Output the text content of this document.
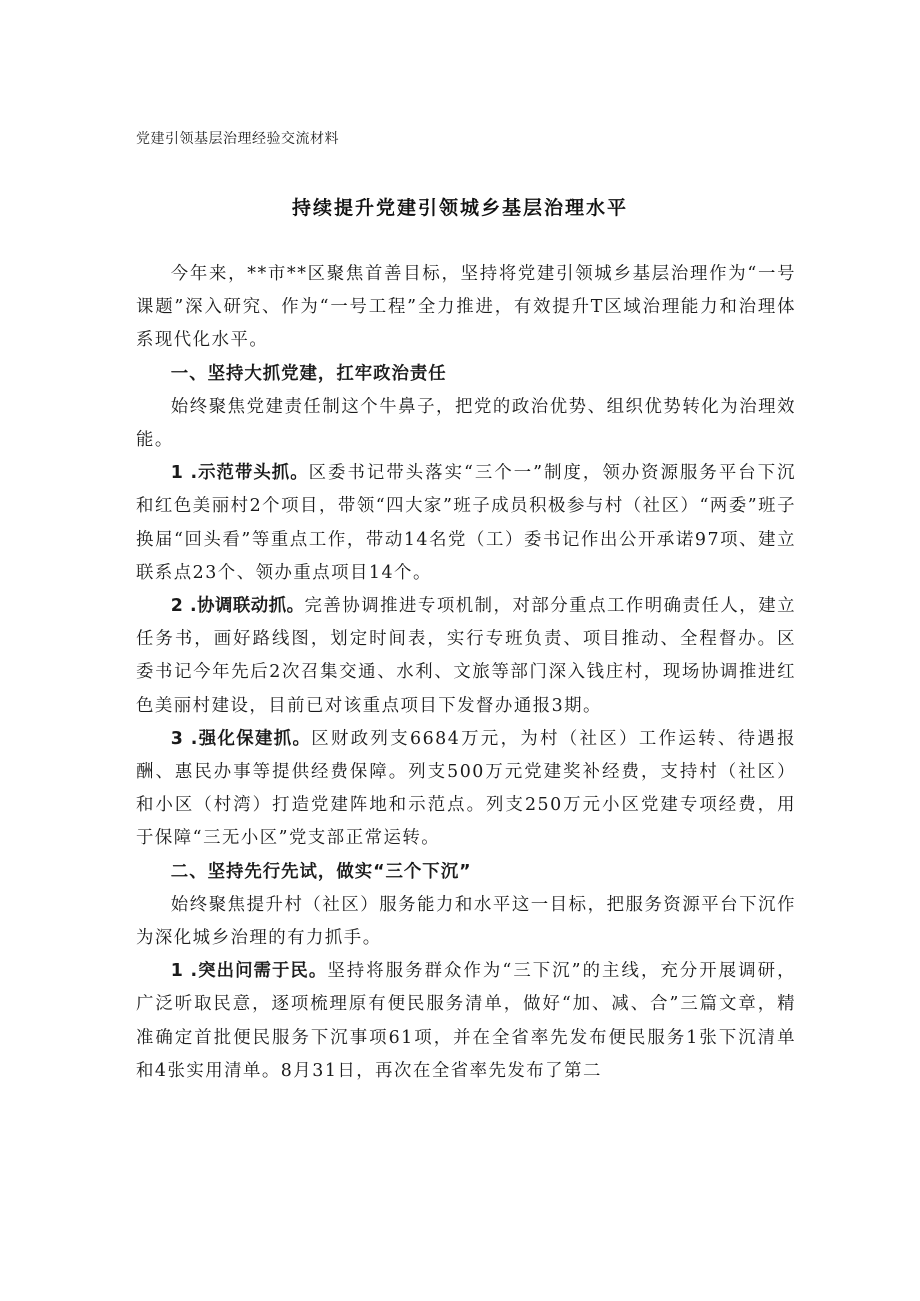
党建引领基层治理经验交流材料
持续提升党建引领城乡基层治理水平

今年来，**市**区聚焦首善目标，坚持将党建引领城乡基层治理作为“一号课题”深入研究、作为“一号工程”全力推进，有效提升T区域治理能力和治理体系现代化水平。

一、坚持大抓党建，扛牢政治责任

始终聚焦党建责任制这个牛鼻子，把党的政治优势、组织优势转化为治理效能。

1 .示范带头抓。区委书记带头落实“三个一”制度，领办资源服务平台下沉和红色美丽村2个项目，带领“四大家”班子成员积极参与村（社区）“两委”班子换届“回头看”等重点工作，带动14名党（工）委书记作出公开承诺97项、建立联系点23个、领办重点项目14个。

2 .协调联动抓。完善协调推进专项机制，对部分重点工作明确责任人，建立任务书，画好路线图，划定时间表，实行专班负责、项目推动、全程督办。区委书记今年先后2次召集交通、水利、文旅等部门深入钱庄村，现场协调推进红色美丽村建设，目前已对该重点项目下发督办通报3期。

3 .强化保建抓。区财政列支6684万元，为村（社区）工作运转、待遇报酬、惠民办事等提供经费保障。列支500万元党建奖补经费，支持村（社区）和小区（村湾）打造党建阵地和示范点。列支250万元小区党建专项经费，用于保障“三无小区”党支部正常运转。

二、坚持先行先试，做实“三个下沉”

始终聚焦提升村（社区）服务能力和水平这一目标，把服务资源平台下沉作为深化城乡治理的有力抓手。

1 .突出问需于民。坚持将服务群众作为“三下沉”的主线，充分开展调研，广泛听取民意，逐项梳理原有便民服务清单，做好“加、减、合”三篇文章，精准确定首批便民服务下沉事项61项，并在全省率先发布便民服务1张下沉清单和4张实用清单。8月31日，再次在全省率先发布了第二
